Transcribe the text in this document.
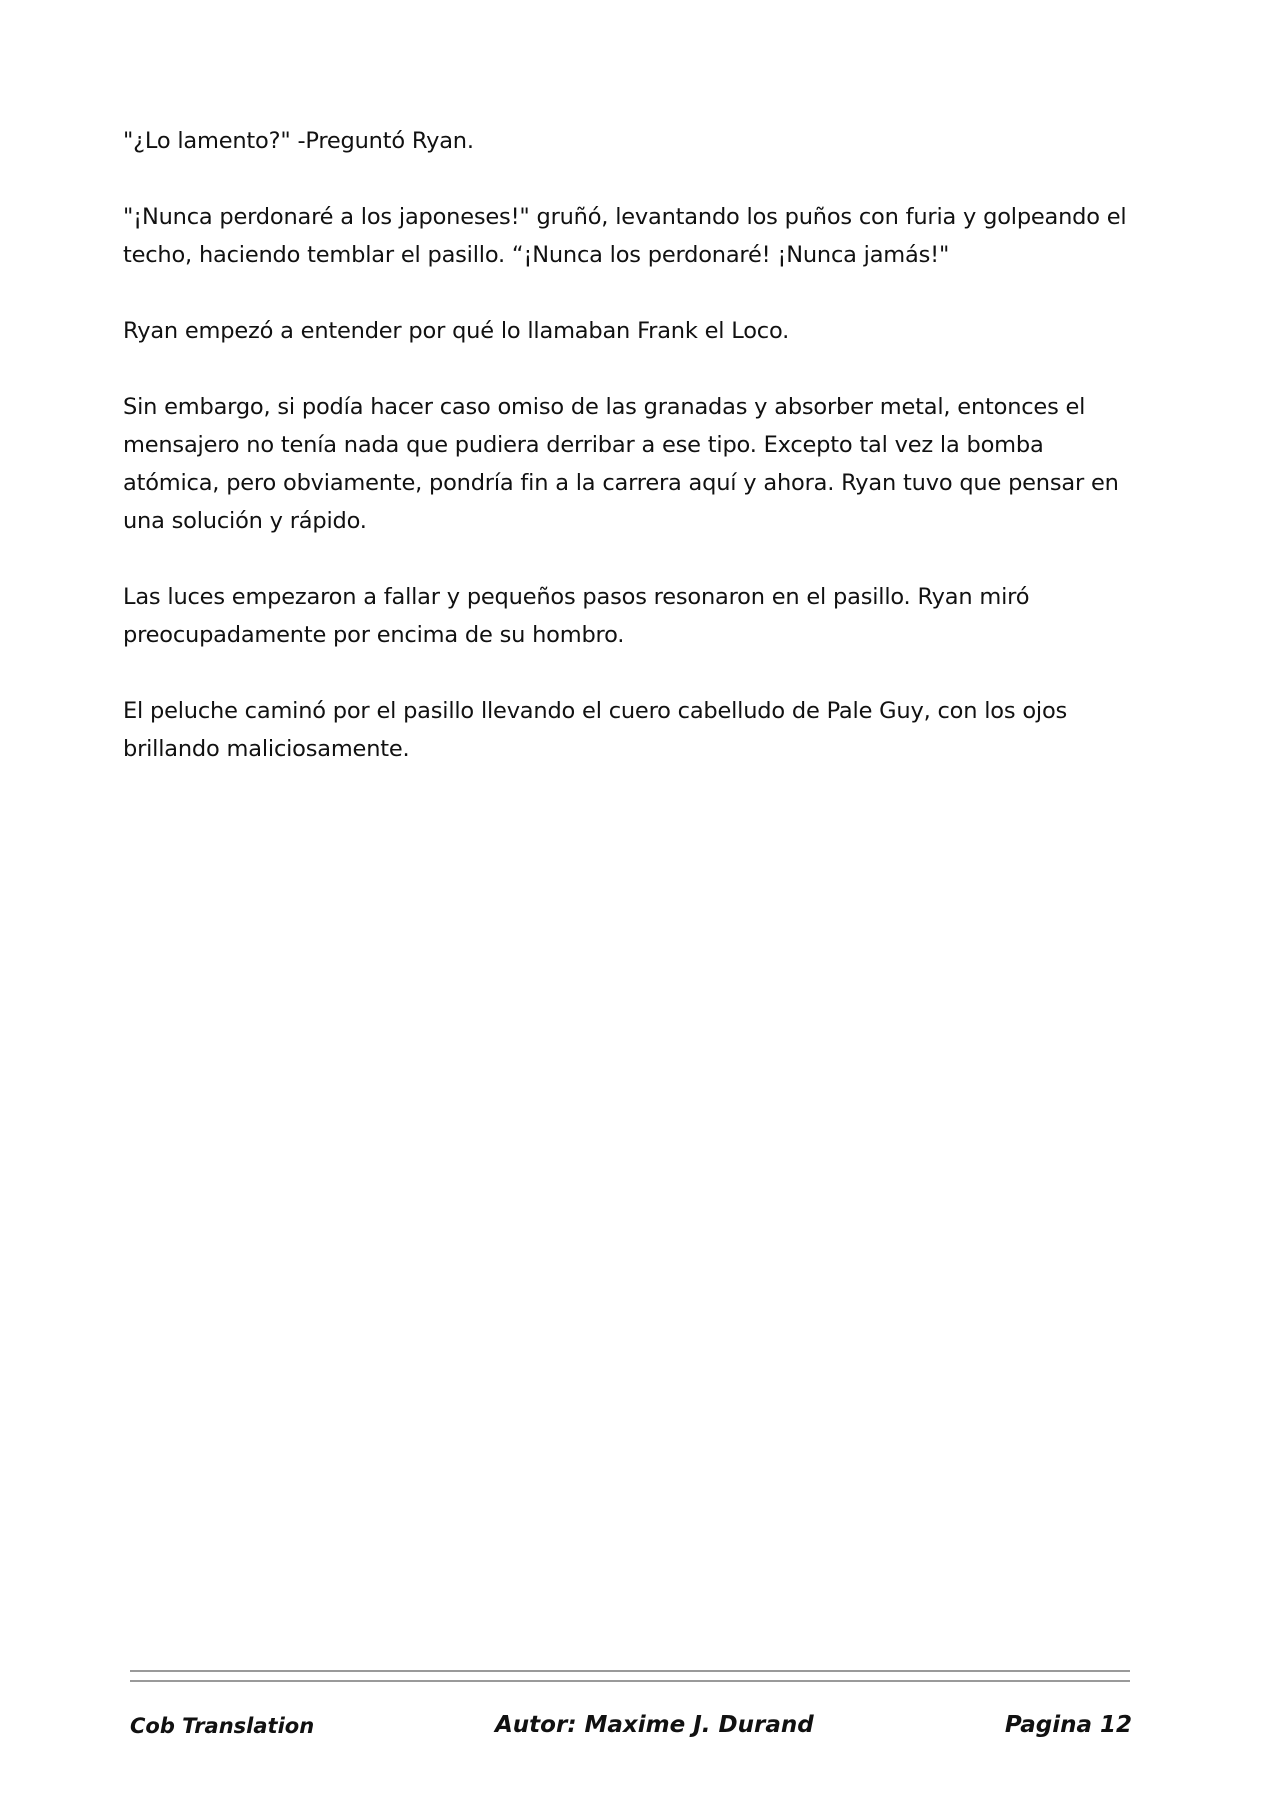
"¿Lo lamento?" -Preguntó Ryan.

"¡Nunca perdonaré a los japoneses!" gruñó, levantando los puños con furia y golpeando el techo, haciendo temblar el pasillo. “¡Nunca los perdonaré! ¡Nunca jamás!"

Ryan empezó a entender por qué lo llamaban Frank el Loco.

Sin embargo, si podía hacer caso omiso de las granadas y absorber metal, entonces el mensajero no tenía nada que pudiera derribar a ese tipo. Excepto tal vez la bomba atómica, pero obviamente, pondría fin a la carrera aquí y ahora. Ryan tuvo que pensar en una solución y rápido.

Las luces empezaron a fallar y pequeños pasos resonaron en el pasillo. Ryan miró preocupadamente por encima de su hombro.

El peluche caminó por el pasillo llevando el cuero cabelludo de Pale Guy, con los ojos brillando maliciosamente.

Cob Translation	Autor: Maxime J. Durand	Pagina 12
